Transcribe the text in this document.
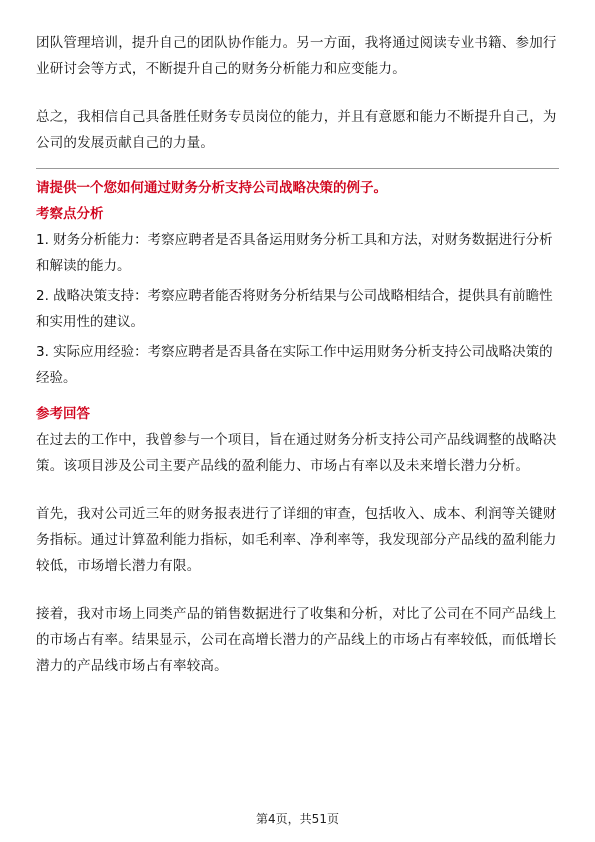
团队管理培训，提升自己的团队协作能力。另一方面，我将通过阅读专业书籍、参加行业研讨会等方式，不断提升自己的财务分析能力和应变能力。

总之，我相信自己具备胜任财务专员岗位的能力，并且有意愿和能力不断提升自己，为公司的发展贡献自己的力量。

请提供一个您如何通过财务分析支持公司战略决策的例子。
考察点分析

1. 财务分析能力：考察应聘者是否具备运用财务分析工具和方法，对财务数据进行分析和解读的能力。

2. 战略决策支持：考察应聘者能否将财务分析结果与公司战略相结合，提供具有前瞻性和实用性的建议。

3. 实际应用经验：考察应聘者是否具备在实际工作中运用财务分析支持公司战略决策的经验。

参考回答

在过去的工作中，我曾参与一个项目，旨在通过财务分析支持公司产品线调整的战略决策。该项目涉及公司主要产品线的盈利能力、市场占有率以及未来增长潜力分析。

首先，我对公司近三年的财务报表进行了详细的审查，包括收入、成本、利润等关键财务指标。通过计算盈利能力指标，如毛利率、净利率等，我发现部分产品线的盈利能力较低，市场增长潜力有限。

接着，我对市场上同类产品的销售数据进行了收集和分析，对比了公司在不同产品线上的市场占有率。结果显示，公司在高增长潜力的产品线上的市场占有率较低，而低增长潜力的产品线市场占有率较高。

第4页，共51页
